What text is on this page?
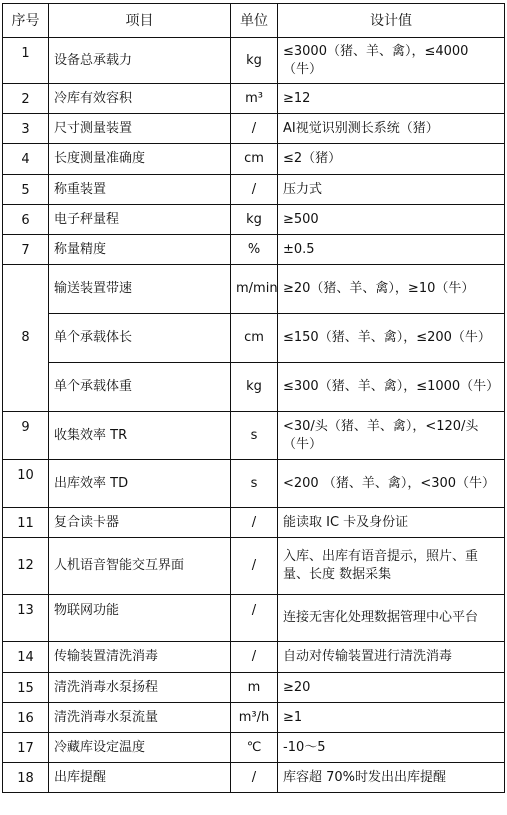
序号	项目	单位	设计值
1	设备总承载力	kg	≤3000（猪、羊、禽），≤4000（牛）
2	冷库有效容积	m³	≥12
3	尺寸测量装置	/	AI视觉识别测长系统（猪）
4	长度测量准确度	cm	≤2（猪）
5	称重装置	/	压力式
6	电子秤量程	kg	≥500
7	称量精度	%	±0.5
8	输送装置带速	m/min	≥20（猪、羊、禽），≥10（牛）
	单个承载体长	cm	≤150（猪、羊、禽），≤200（牛）
	单个承载体重	kg	≤300（猪、羊、禽），≤1000（牛）
9	收集效率 TR	s	<30/头（猪、羊、禽），<120/头（牛）
10	出库效率 TD	s	<200 （猪、羊、禽），<300（牛）
11	复合读卡器	/	能读取 IC 卡及身份证
12	人机语音智能交互界面	/	入库、出库有语音提示，照片、重量、长度 数据采集
13	物联网功能	/	连接无害化处理数据管理中心平台
14	传输装置清洗消毒	/	自动对传输装置进行清洗消毒
15	清洗消毒水泵扬程	m	≥20
16	清洗消毒水泵流量	m³/h	≥1
17	冷藏库设定温度	℃	-10～5
18	出库提醒	/	库容超 70%时发出出库提醒
